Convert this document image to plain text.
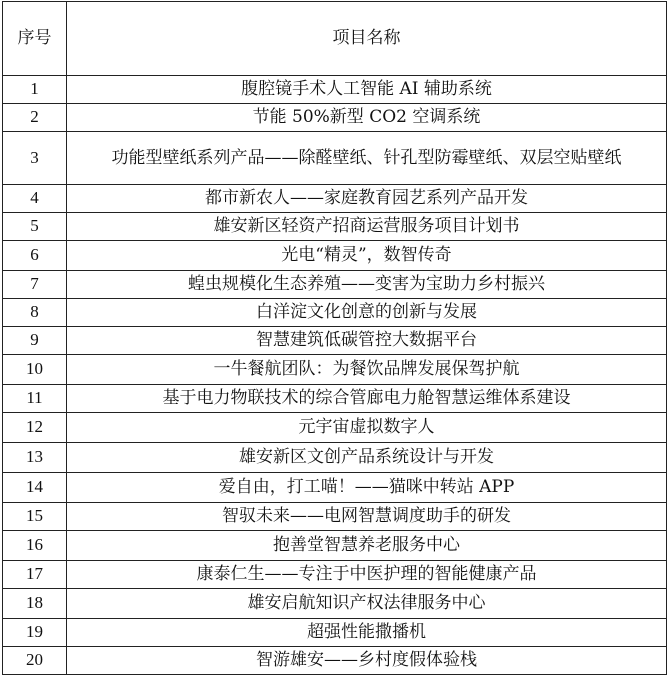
序号	项目名称
1	腹腔镜手术人工智能 AI 辅助系统
2	节能 50%新型 CO2 空调系统
3	功能型壁纸系列产品——除醛壁纸、针孔型防霉壁纸、双层空贴壁纸
4	都市新农人——家庭教育园艺系列产品开发
5	雄安新区轻资产招商运营服务项目计划书
6	光电“精灵”，数智传奇
7	蝗虫规模化生态养殖——变害为宝助力乡村振兴
8	白洋淀文化创意的创新与发展
9	智慧建筑低碳管控大数据平台
10	一牛餐航团队：为餐饮品牌发展保驾护航
11	基于电力物联技术的综合管廊电力舱智慧运维体系建设
12	元宇宙虚拟数字人
13	雄安新区文创产品系统设计与开发
14	爱自由，打工喵！——猫咪中转站 APP
15	智驭未来——电网智慧调度助手的研发
16	抱善堂智慧养老服务中心
17	康泰仁生——专注于中医护理的智能健康产品
18	雄安启航知识产权法律服务中心
19	超强性能撒播机
20	智游雄安——乡村度假体验栈
